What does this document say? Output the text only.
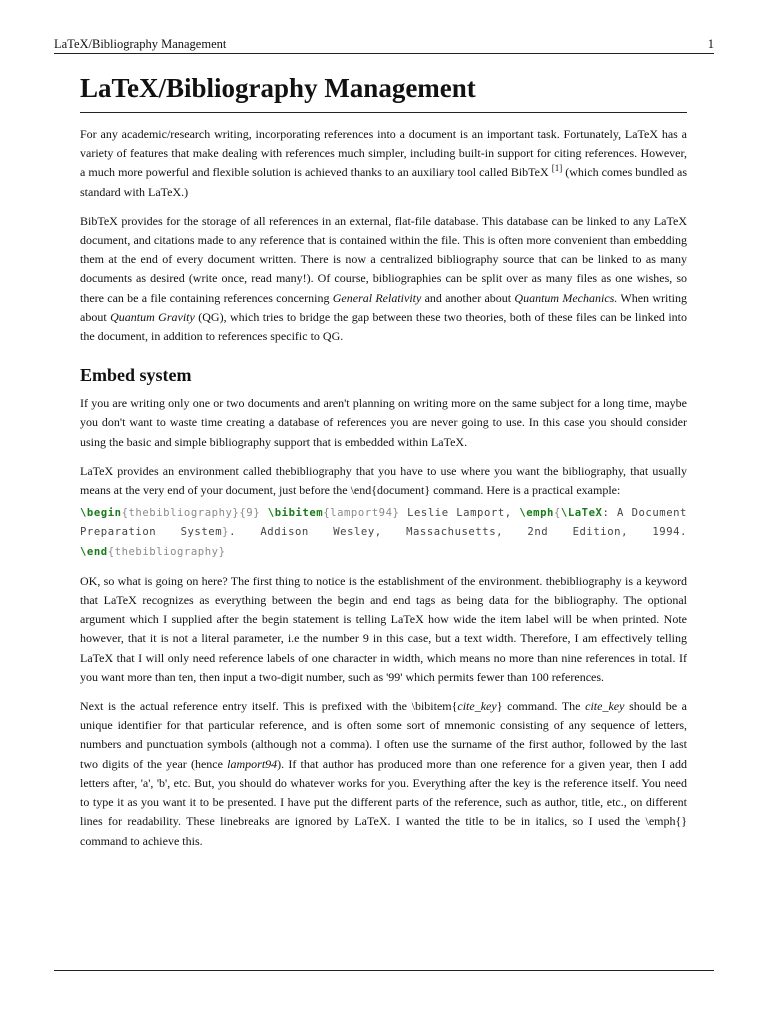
LaTeX/Bibliography Management	1
LaTeX/Bibliography Management

For any academic/research writing, incorporating references into a document is an important task. Fortunately, LaTeX has a variety of features that make dealing with references much simpler, including built-in support for citing references. However, a much more powerful and flexible solution is achieved thanks to an auxiliary tool called BibTeX [1] (which comes bundled as standard with LaTeX.)

BibTeX provides for the storage of all references in an external, flat-file database. This database can be linked to any LaTeX document, and citations made to any reference that is contained within the file. This is often more convenient than embedding them at the end of every document written. There is now a centralized bibliography source that can be linked to as many documents as desired (write once, read many!). Of course, bibliographies can be split over as many files as one wishes, so there can be a file containing references concerning General Relativity and another about Quantum Mechanics. When writing about Quantum Gravity (QG), which tries to bridge the gap between these two theories, both of these files can be linked into the document, in addition to references specific to QG.

Embed system

If you are writing only one or two documents and aren't planning on writing more on the same subject for a long time, maybe you don't want to waste time creating a database of references you are never going to use. In this case you should consider using the basic and simple bibliography support that is embedded within LaTeX.

LaTeX provides an environment called thebibliography that you have to use where you want the bibliography, that usually means at the very end of your document, just before the \end{document} command. Here is a practical example:

\begin{thebibliography}{9} \bibitem{lamport94} Leslie Lamport, \emph{\LaTeX: A Document Preparation System}. Addison Wesley, Massachusetts, 2nd Edition, 1994. \end{thebibliography}

OK, so what is going on here? The first thing to notice is the establishment of the environment. thebibliography is a keyword that LaTeX recognizes as everything between the begin and end tags as being data for the bibliography. The optional argument which I supplied after the begin statement is telling LaTeX how wide the item label will be when printed. Note however, that it is not a literal parameter, i.e the number 9 in this case, but a text width. Therefore, I am effectively telling LaTeX that I will only need reference labels of one character in width, which means no more than nine references in total. If you want more than ten, then input a two-digit number, such as '99' which permits fewer than 100 references.

Next is the actual reference entry itself. This is prefixed with the \bibitem{cite_key} command. The cite_key should be a unique identifier for that particular reference, and is often some sort of mnemonic consisting of any sequence of letters, numbers and punctuation symbols (although not a comma). I often use the surname of the first author, followed by the last two digits of the year (hence lamport94). If that author has produced more than one reference for a given year, then I add letters after, 'a', 'b', etc. But, you should do whatever works for you. Everything after the key is the reference itself. You need to type it as you want it to be presented. I have put the different parts of the reference, such as author, title, etc., on different lines for readability. These linebreaks are ignored by LaTeX. I wanted the title to be in italics, so I used the \emph{} command to achieve this.
